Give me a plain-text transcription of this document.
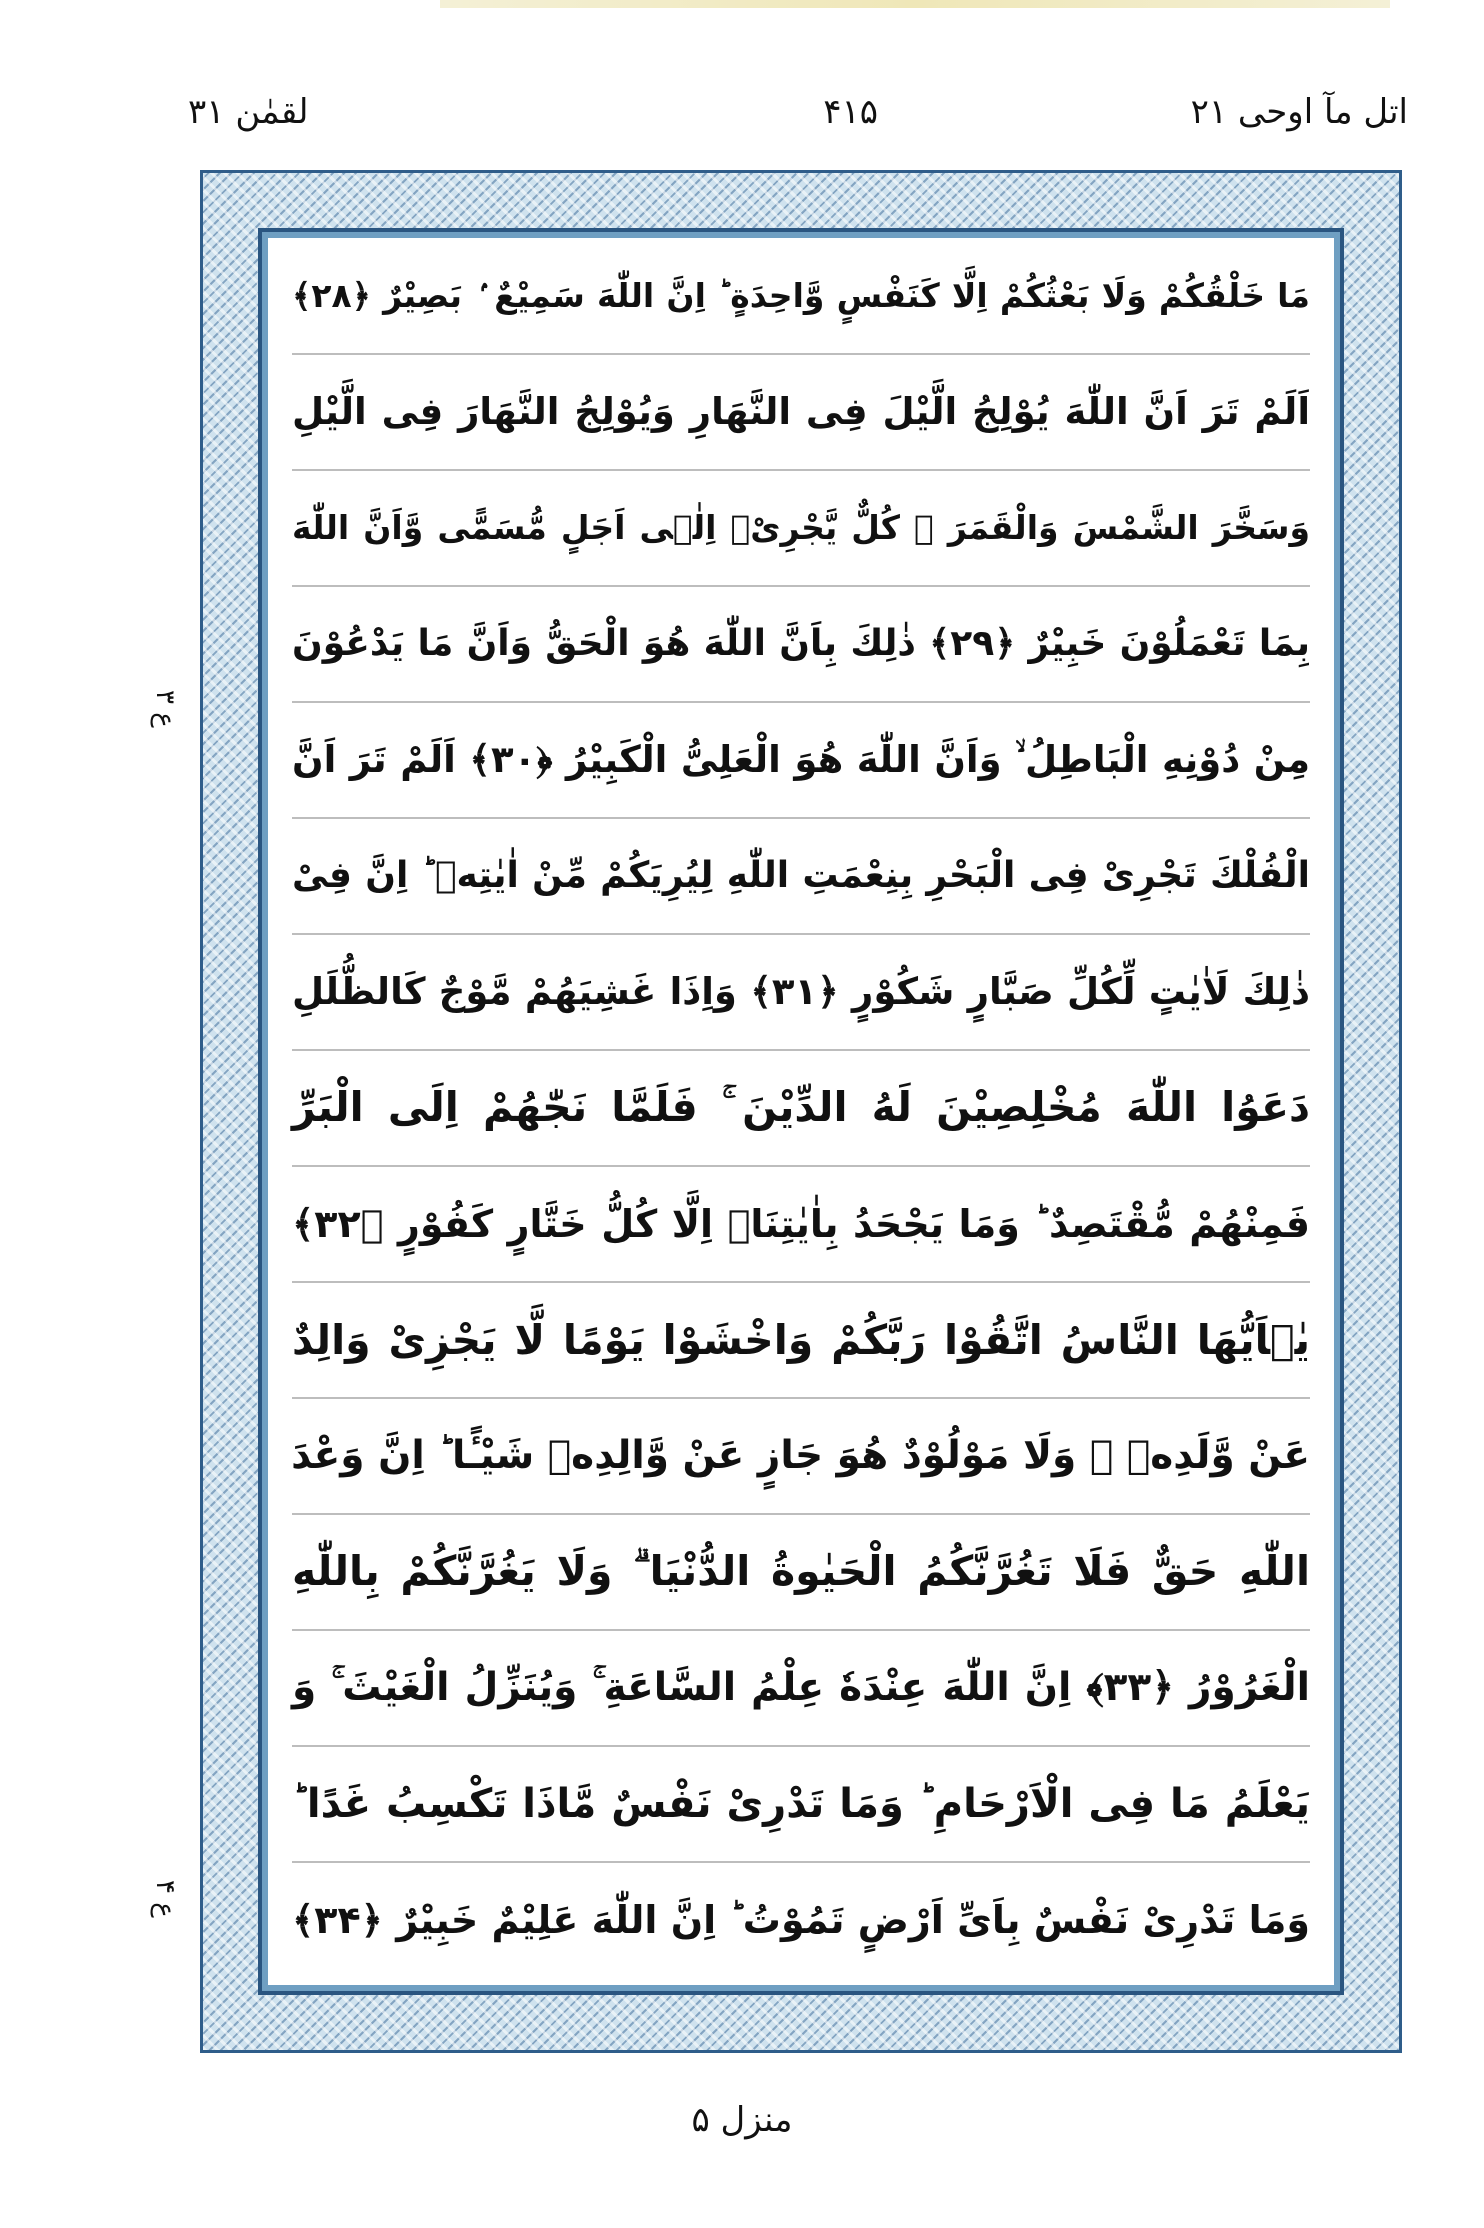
اتل مآ اوحی ۲۱
۴۱۵
لقمٰن ۳۱
ع ۳
ع ۴
مَا خَلْقُكُمْ وَلَا بَعْثُكُمْ اِلَّا كَنَفْسٍ وَّاحِدَةٍ ؕ اِنَّ اللّٰهَ سَمِيْعٌ ۢ بَصِيْرٌ ﴿۲۸﴾
اَلَمْ تَرَ اَنَّ اللّٰهَ يُوْلِجُ الَّيْلَ فِى النَّهَارِ وَيُوْلِجُ النَّهَارَ فِى الَّيْلِ
وَسَخَّرَ الشَّمْسَ وَالْقَمَرَ ۖ كُلٌّ يَّجْرِیْۤ اِلٰۤى اَجَلٍ مُّسَمًّى وَّاَنَّ اللّٰهَ
بِمَا تَعْمَلُوْنَ خَبِيْرٌ ﴿۲۹﴾ ذٰلِكَ بِاَنَّ اللّٰهَ هُوَ الْحَقُّ وَاَنَّ مَا يَدْعُوْنَ
مِنْ دُوْنِهِ الْبَاطِلُ ۙ وَاَنَّ اللّٰهَ هُوَ الْعَلِىُّ الْكَبِيْرُ ﴿۳۰﴾ اَلَمْ تَرَ اَنَّ
الْفُلْكَ تَجْرِىْ فِى الْبَحْرِ بِنِعْمَتِ اللّٰهِ لِيُرِيَكُمْ مِّنْ اٰيٰتِهٖ ؕ اِنَّ فِىْ
ذٰلِكَ لَاٰيٰتٍ لِّكُلِّ صَبَّارٍ شَكُوْرٍ ﴿۳۱﴾ وَاِذَا غَشِيَهُمْ مَّوْجٌ كَالظُّلَلِ
دَعَوُا اللّٰهَ مُخْلِصِيْنَ لَهُ الدِّيْنَ ۚ فَلَمَّا نَجّٰهُمْ اِلَى الْبَرِّ
فَمِنْهُمْ مُّقْتَصِدٌ ؕ وَمَا يَجْحَدُ بِاٰيٰتِنَاۤ اِلَّا كُلُّ خَتَّارٍ كَفُوْرٍ ﴿۳۲﴾
يٰۤاَيُّهَا النَّاسُ اتَّقُوْا رَبَّكُمْ وَاخْشَوْا يَوْمًا لَّا يَجْزِىْ وَالِدٌ
عَنْ وَّلَدِهٖ ۖ وَلَا مَوْلُوْدٌ هُوَ جَازٍ عَنْ وَّالِدِهٖ شَيْـًٔا ؕ اِنَّ وَعْدَ
اللّٰهِ حَقٌّ فَلَا تَغُرَّنَّكُمُ الْحَيٰوةُ الدُّنْيَا ۗ وَلَا يَغُرَّنَّكُمْ بِاللّٰهِ
الْغَرُوْرُ ﴿۳۳﴾ اِنَّ اللّٰهَ عِنْدَهٗ عِلْمُ السَّاعَةِ ۚ وَيُنَزِّلُ الْغَيْثَ ۚ وَ
يَعْلَمُ مَا فِى الْاَرْحَامِ ؕ وَمَا تَدْرِىْ نَفْسٌ مَّاذَا تَكْسِبُ غَدًا ؕ
وَمَا تَدْرِىْ نَفْسٌ بِاَىِّ اَرْضٍ تَمُوْتُ ؕ اِنَّ اللّٰهَ عَلِيْمٌ خَبِيْرٌ ﴿۳۴﴾
منزل ۵
